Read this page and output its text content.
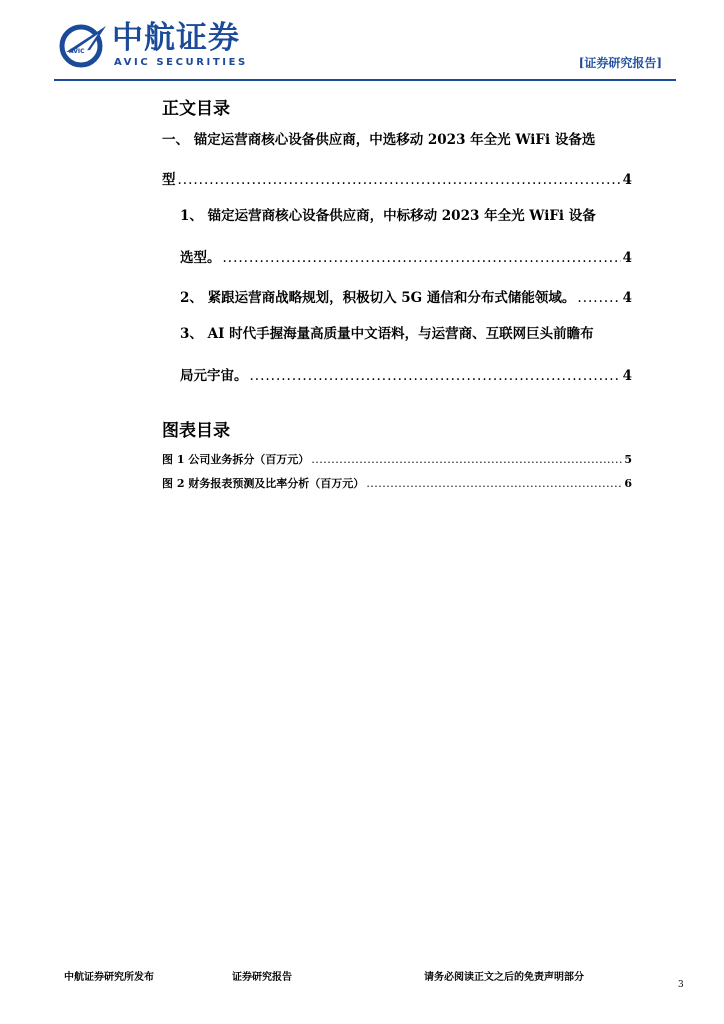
AVIC 中航证券
AVIC SECURITIES	[证券研究报告]
正文目录
一、 锚定运营商核心设备供应商，中选移动 2023 年全光 WiFi 设备选
型 .....	4
1、 锚定运营商核心设备供应商，中标移动 2023 年全光 WiFi 设备
选型。 .....	4
2、 紧跟运营商战略规划，积极切入 5G 通信和分布式储能领域。 .....	4
3、 AI 时代手握海量高质量中文语料，与运营商、互联网巨头前瞻布
局元宇宙。 .....	4
图表目录
图 1 公司业务拆分（百万元） .....	5
图 2 财务报表预测及比率分析（百万元） .....	6
中航证券研究所发布	证券研究报告	请务必阅读正文之后的免责声明部分
3
